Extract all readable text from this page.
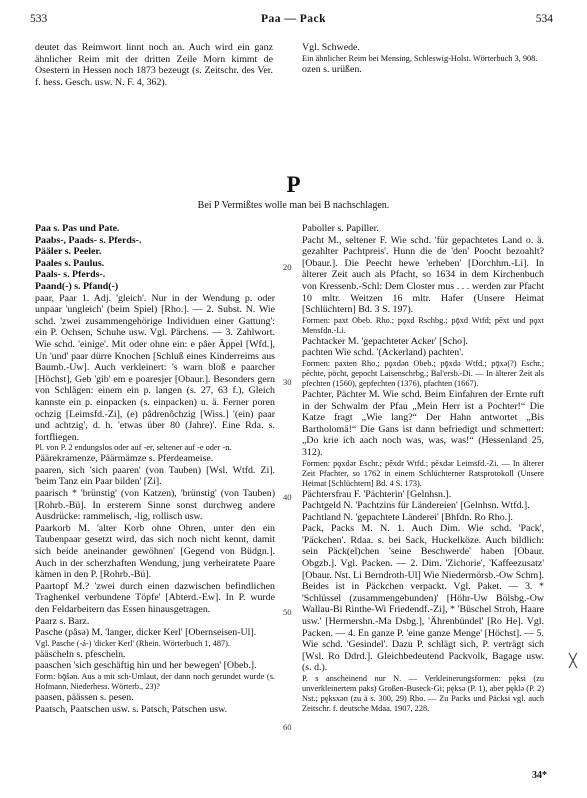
533	Paa — Pack	534

deutet das Reimwort linnt noch an. Auch wird ein ganz ähnlicher Reim mit der dritten Zeile Morn kimmt de Osestern in Hessen noch 1873 bezeugt (s. Zeitschr. des Ver. f. hess. Gesch. usw. N. F. 4, 362).

Vgl. Schwede.

Ein ähnlicher Reim bei Mensing, Schleswig-Holst. Wörterbuch 3, 908.

ozen s. urüßen.

P
Bei P Vermißtes wolle man bei B nachschlagen.

Paa s. Pas und Pate.

Paabs-, Paads- s. Pferds-.

Pääler s. Peeler.

Paales s. Paulus.

Paals- s. Pferds-.

Paand(-) s. Pfand(-)

paar, Paar 1. Adj. 'gleich'. Nur in der Wendung p. oder unpaar 'ungleich' (beim Spiel) [Rho.]. — 2. Subst. N. Wie schd. 'zwei zusammengehörige Individuen einer Gattung': ein P. Ochsen, Schuhe usw. Vgl. Pärchens. — 3. Zahlwort. Wie schd. 'einige'. Mit oder ohne ein: e pâer Äppel [Wfd.], Un 'und' paar dürre Knochen [Schluß eines Kinderreims aus Baumb.-Uw]. Auch verkleinert: 's warn bloß e paarcher [Höchst], Geb 'gib' em e poaresjer [Obaur.]. Besonders gern von Schlägen: einem ein p. langen (s. 27, 63 f.), Gleich kannste ein p. einpacken (s. einpacken) u. ä. Ferner poren ochzig [Leimsfd.-Zi], (e) pâdrenôchzig [Wiss.] '(ein) paar und achtzig', d. h. 'etwas über 80 (Jahre)'. Eine Rda. s. fortfliegen.

Pl. von P. 2 endungslos oder auf -er, seltener auf -e oder -n.

Päärekramenze, Päärmämze s. Pferdeameise.

paaren, sich 'sich paaren' (von Tauben) [Wsl. Wtfd. Zi]. 'beim Tanz ein Paar bilden' [Zi].

paarisch * 'brünstig' (von Katzen), 'brünstig' (von Tauben) [Rohrb.-Bü]. In ersterem Sinne sonst durchweg andere Ausdrücke: rammelisch, -lig, rollisch usw.

Paarkorb M. 'alter Korb ohne Ohren, unter den ein Taubenpaar gesetzt wird, das sich noch nicht kennt, damit sich beide aneinander gewöhnen' [Gegend von Büdgn.]. Auch in der scherzhaften Wendung, jung verheiratete Paare kämen in den P. [Rohrb.-Bü].

Paartopf M.? 'zwei durch einen dazwischen befindlichen Traghenkel verbundene Töpfe' [Abterd.-Ew]. In P. wurde den Feldarbeitern das Essen hinausgetragen.

Paarz s. Barz.

Pasche (pâsə) M. 'langer, dicker Kerl' [Obernseisen-Ul].

Vgl. Pasche (-á-) 'dicker Kerl' (Rhein. Wörterbuch 1, 487).

pääscheln s. pfescheln.

paaschen 'sich geschäftig hin und her bewegen' [Obeb.].

Form: bǭšən. Aus a mit sch-Umlaut, der dann noch gerundet wurde (s. Hofmann, Niederhess. Wörterb., 23)?

paasen, päässen s. pesen.

Paatsch, Paatschen usw. s. Patsch, Patschen usw.

20
30
40
50
60

Paboller s. Papiller.

Pacht M., seltener F. Wie schd. 'für gepachtetes Land o. ä. gezahlter Pachtpreis'. Hunn die de 'den' Poocht bezoahlt? [Obaur.]. Die Peecht hewe 'erheben' [Dorchhm.-Li]. In älterer Zeit auch als Pfacht, so 1634 in dem Kirchenbuch von Kressenb.-Schl: Dem Closter mus . . . werden zur Pfacht 10 mltr. Weitzen 16 mltr. Hafer (Unsere Heimat [Schlüchtern] Bd. 3 S. 197).

Formen: paxt Obeb. Rho.; pǫxd Rschbg.; pǭxd Wtfd; pēxt und pǫxt Mensfdn.-Li.

Pachtacker M. 'gepachteter Acker' [Scho].

pachten Wie schd. '(Ackerland) pachten'.

Formen: paxten Rho.; pǫxdǝn Obeb.; pǭxdǝ Wtfd.; pǭxə(?) Eschr.; pēchte, pöcht, gepocht Laisenschrbg.; Bal'ersb.-Di. — In älterer Zeit als pfechten (1560), gepfechten (1376), pfachten (1667).

Pachter, Pächter M. Wie schd. Beim Einfahren der Ernte ruft in der Schwalm der Pfau „Mein Herr ist a Pochter!“ Die Katze fragt „Wie lang?“ Der Hahn antwortet „Bis Bartholomä!“ Die Gans ist dann befriedigt und schmettert: „Do krie ich aach noch was, was, was!“ (Hessenland 25, 312).

Formen: pǫxdər Eschr.; pēxdr Wtfd.; pēxdər Leimsfd.-Zi. — In älterer Zeit Pfachter, so 1762 in einem Schlüchterner Ratsprotokoll (Unsere Heimat [Schlüchtern] Bd. 4 S. 173).

Pächtersfrau F. 'Pächterin' [Gelnhsn.].

Pachtgeld N. 'Pachtzins für Ländereien' [Gelnhsn. Wtfd.].

Pachtland N. 'gepachtete Länderei' [Bhfdn. Ro Rho.].

Pack, Packs M. N. 1. Auch Dim. Wie schd. 'Pack', 'Päckchen'. Rdaa. s. bei Sack, Huckelköze. Auch bildlich: sein Päck(el)chen 'seine Beschwerde' haben [Obaur. Obgzb.]. Vgl. Packen. — 2. Dim. 'Zichorie', 'Kaffeezusatz' [Obaur. Nst. Li Berndroth-Ul] Wie Niedermörsb.-Ow Schm]. Beides ist in Päckchen verpackt. Vgl. Paket. — 3. * 'Schlüssel (zusammengebunden)' [Höhr-Uw Bölsbg.-Ow Wallau-Bi Rinthe-Wi Friedendf.-Zi], * 'Büschel Stroh, Haare usw.' [Hermershn.-Ma Dsbg.], 'Ährenbündel' [Ro He]. Vgl. Packen. — 4. En ganze P. 'eine ganze Menge' [Höchst]. — 5. Wie schd. 'Gesindel'. Dazu P. schlägt sich, P. verträgt sich [Wsl. Ro Ddrd.]. Gleichbedeutend Packvolk, Bagage usw. (s. d.).

P. s anscheinend nur N. — Verkleinerungsformen: pęksi (zu unverkleinertem paks) Großen-Buseck-Gi; pęksə (P. 1), aber pęklə (P. 2) Nst.; pęksxən (zu ä s. 300, 29) Rho. — Zu Packs und Päcksi vgl. auch Zeitschr. f. deutsche Mdaa. 1907, 228.

╳
34*
